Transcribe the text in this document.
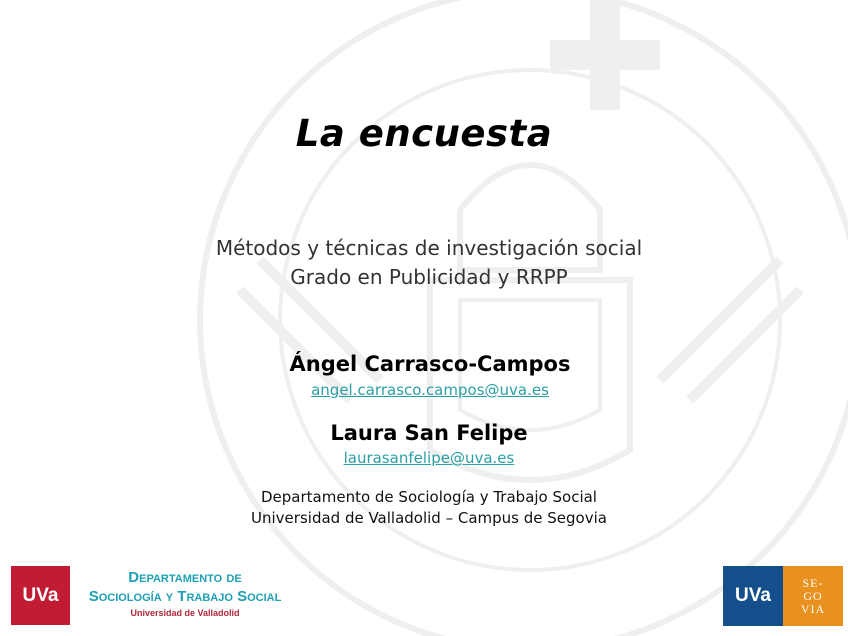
La encuesta
Métodos y técnicas de investigación social
Grado en Publicidad y RRPP
Ángel Carrasco-Campos
angel.carrasco.campos@uva.es
Laura San Felipe
laurasanfelipe@uva.es
Departamento de Sociología y Trabajo Social
Universidad de Valladolid – Campus de Segovia
UVa
Departamento de
Sociología y Trabajo Social
Universidad de Valladolid
UVa
SE-
GO
VIA
